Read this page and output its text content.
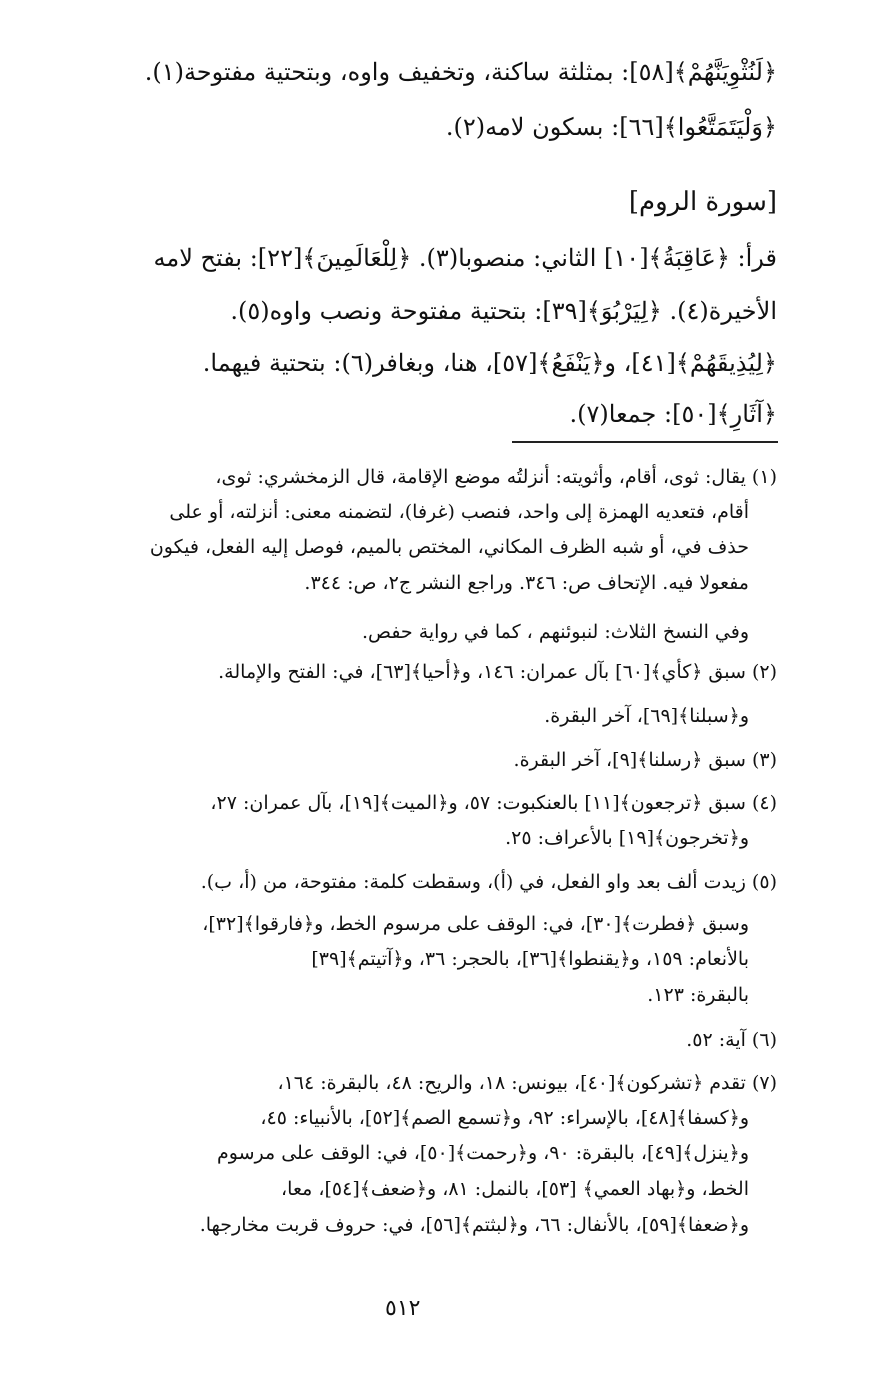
﴿لَنُثْوِيَنَّهُمْ﴾[٥٨]: بمثلثة ساكنة، وتخفيف واوه، وبتحتية مفتوحة(١).
﴿وَلْيَتَمَتَّعُوا﴾[٦٦]: بسكون لامه(٢).
[سورة الروم]
قرأ: ﴿عَاقِبَةُ﴾[١٠] الثاني: منصوبا(٣). ﴿لِلْعَالَمِينَ﴾[٢٢]: بفتح لامه
الأخيرة(٤). ﴿لِيَرْبُوَ﴾[٣٩]: بتحتية مفتوحة ونصب واوه(٥).
﴿لِيُذِيقَهُمْ﴾[٤١]، و﴿يَنْفَعُ﴾[٥٧]، هنا، وبغافر(٦): بتحتية فيهما.
﴿آثَارِ﴾[٥٠]: جمعا(٧).
(١) يقال: ثوى، أقام، وأثويته: أنزلتُه موضع الإقامة، قال الزمخشري: ثوى،
أقام، فتعديه الهمزة إلى واحد، فنصب (غرفا)، لتضمنه معنى: أنزلته، أو على
حذف في، أو شبه الظرف المكاني، المختص بالميم، فوصل إليه الفعل، فيكون
مفعولا فيه. الإتحاف ص: ٣٤٦. وراجع النشر ج٢، ص: ٣٤٤.
وفي النسخ الثلاث: لنبوئنهم ، كما في رواية حفص.
(٢) سبق ﴿كأي﴾[٦٠] بآل عمران: ١٤٦، و﴿أحيا﴾[٦٣]، في: الفتح والإمالة.
و﴿سبلنا﴾[٦٩]، آخر البقرة.
(٣) سبق ﴿رسلنا﴾[٩]، آخر البقرة.
(٤) سبق ﴿ترجعون﴾[١١] بالعنكبوت: ٥٧، و﴿الميت﴾[١٩]، بآل عمران: ٢٧،
و﴿تخرجون﴾[١٩] بالأعراف: ٢٥.
(٥) زيدت ألف بعد واو الفعل، في (أ)، وسقطت كلمة: مفتوحة، من (أ، ب).
وسبق ﴿فطرت﴾[٣٠]، في: الوقف على مرسوم الخط، و﴿فارقوا﴾[٣٢]،
بالأنعام: ١٥٩، و﴿يقنطوا﴾[٣٦]، بالحجر: ٣٦، و﴿آتيتم﴾[٣٩]
بالبقرة: ١٢٣.
(٦) آية: ٥٢.
(٧) تقدم ﴿تشركون﴾[٤٠]، بيونس: ١٨، والريح: ٤٨، بالبقرة: ١٦٤،
و﴿كسفا﴾[٤٨]، بالإسراء: ٩٢، و﴿تسمع الصم﴾[٥٢]، بالأنبياء: ٤٥،
و﴿ينزل﴾[٤٩]، بالبقرة: ٩٠، و﴿رحمت﴾[٥٠]، في: الوقف على مرسوم
الخط، و﴿بهاد العمي﴾ [٥٣]، بالنمل: ٨١، و﴿ضعف﴾[٥٤]، معا،
و﴿ضعفا﴾[٥٩]، بالأنفال: ٦٦، و﴿لبثتم﴾[٥٦]، في: حروف قربت مخارجها.
٥١٢
